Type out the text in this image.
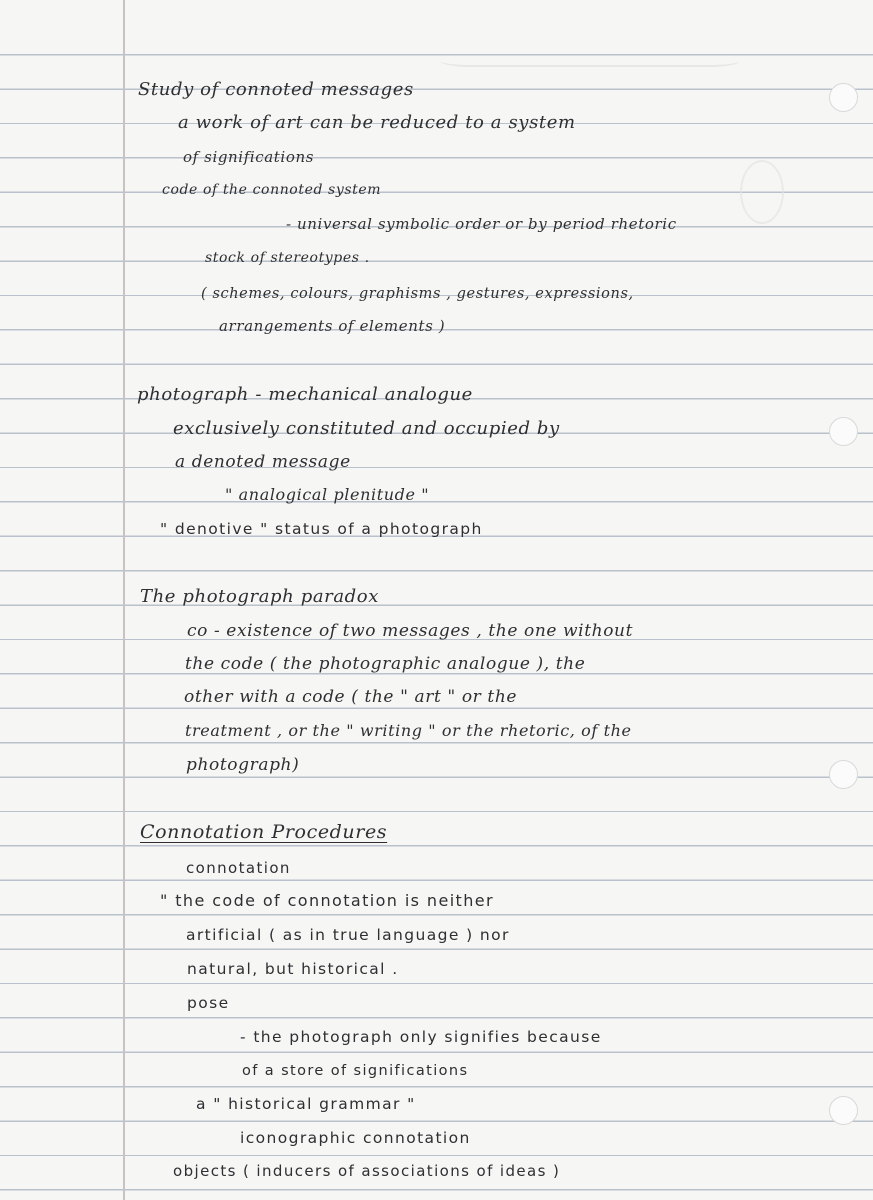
Study of connoted messages
a work of art can be reduced to a system
of significations
code of the connoted system
- universal symbolic order or by period rhetoric
stock of stereotypes .
( schemes, colours, graphisms , gestures, expressions,
arrangements of elements )
photograph - mechanical analogue
exclusively constituted and occupied by
a denoted message
" analogical plenitude "
" denotive " status of a photograph
The photograph paradox
co - existence of two messages , the one without
the code ( the photographic analogue ), the
other with a code ( the " art " or the
treatment , or the " writing " or the rhetoric, of the
photograph)
Connotation Procedures
connotation
" the code of connotation is neither
artificial ( as in true language ) nor
natural, but historical .
pose
- the photograph only signifies because
of a store of significations
a " historical grammar "
iconographic connotation
objects ( inducers of associations of ideas )
